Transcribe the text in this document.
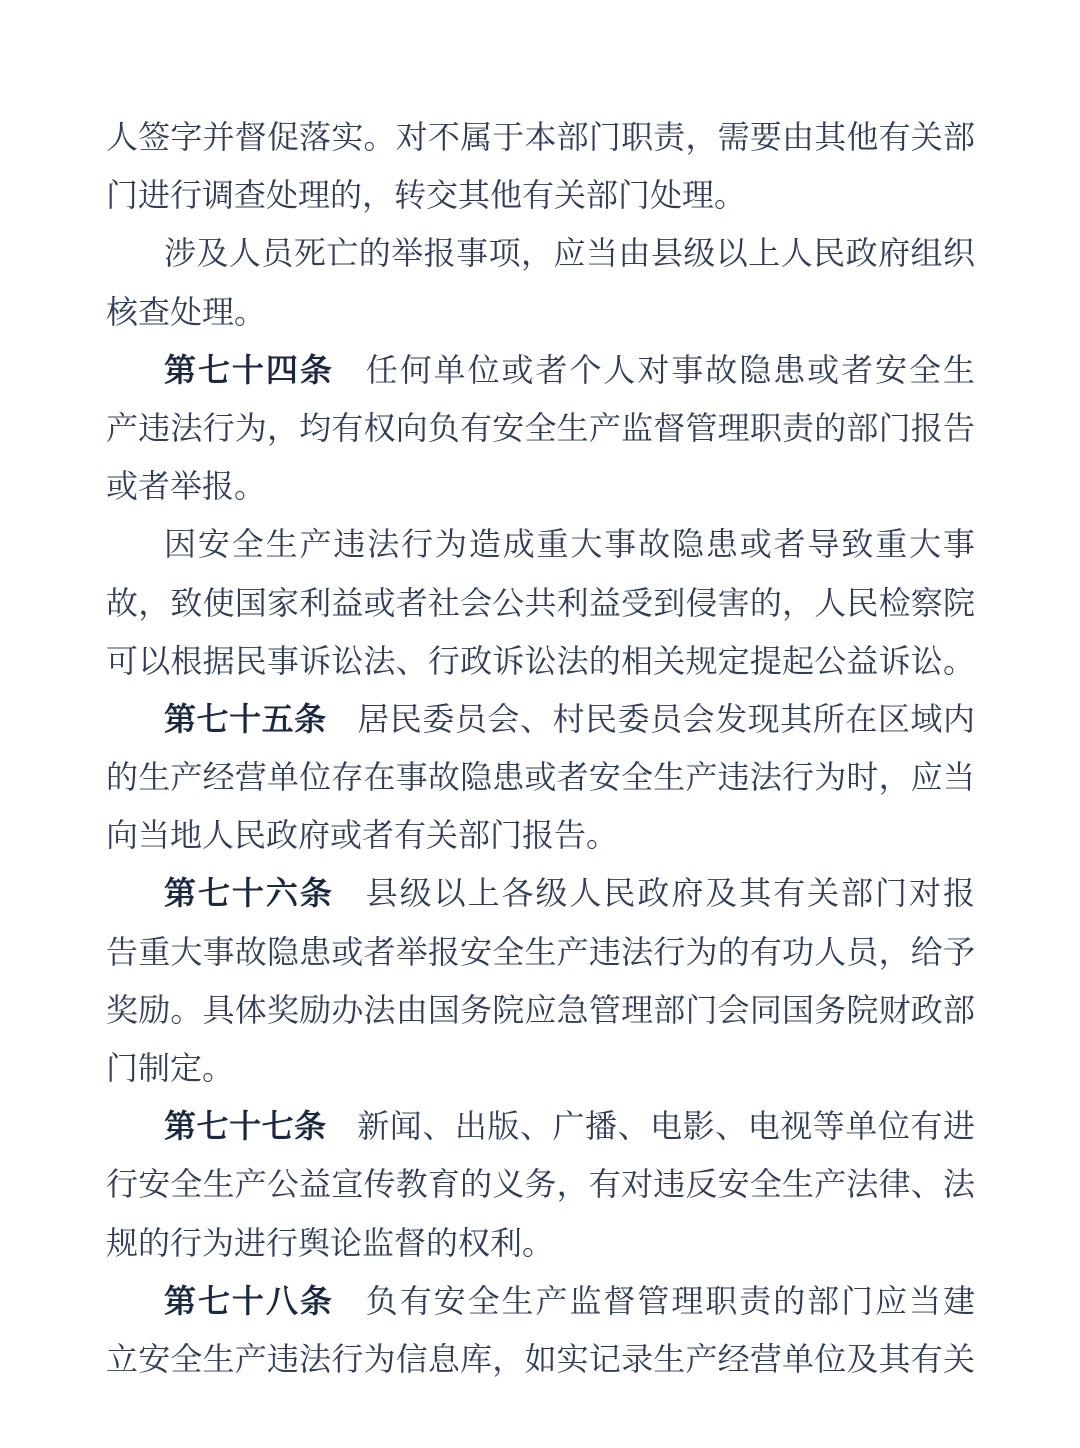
人签字并督促落实。对不属于本部门职责，需要由其他有关部
门进行调查处理的，转交其他有关部门处理。
涉及人员死亡的举报事项，应当由县级以上人民政府组织
核查处理。
第七十四条 任何单位或者个人对事故隐患或者安全生
产违法行为，均有权向负有安全生产监督管理职责的部门报告
或者举报。
因安全生产违法行为造成重大事故隐患或者导致重大事
故，致使国家利益或者社会公共利益受到侵害的，人民检察院
可以根据民事诉讼法、行政诉讼法的相关规定提起公益诉讼。
第七十五条 居民委员会、村民委员会发现其所在区域内
的生产经营单位存在事故隐患或者安全生产违法行为时，应当
向当地人民政府或者有关部门报告。
第七十六条 县级以上各级人民政府及其有关部门对报
告重大事故隐患或者举报安全生产违法行为的有功人员，给予
奖励。具体奖励办法由国务院应急管理部门会同国务院财政部
门制定。
第七十七条 新闻、出版、广播、电影、电视等单位有进
行安全生产公益宣传教育的义务，有对违反安全生产法律、法
规的行为进行舆论监督的权利。
第七十八条 负有安全生产监督管理职责的部门应当建
立安全生产违法行为信息库，如实记录生产经营单位及其有关
